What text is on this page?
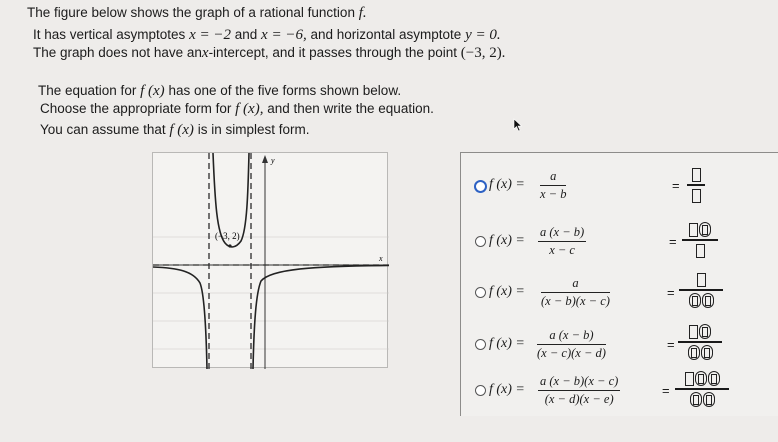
The figure below shows the graph of a rational function f.
It has vertical asymptotes x = −2 and x = −6, and horizontal asymptote y = 0.
The graph does not have anx-intercept, and it passes through the point (−3, 2).
The equation for f (x) has one of the five forms shown below.
Choose the appropriate form for f (x), and then write the equation.
You can assume that f (x) is in simplest form.
y
x
(−3, 2)
f $(x) = \frac{a}{x - b}$	=
f $(x) = \frac{a (x - b)}{x - c}$	=
f $(x) = \frac{a}{(x - b)(x - c)}$	=
f $(x) = \frac{a (x - b)}{(x - c)(x - d)}$	=
f $(x) = \frac{a (x - b)(x - c)}{(x - d)(x - e)}$	=
